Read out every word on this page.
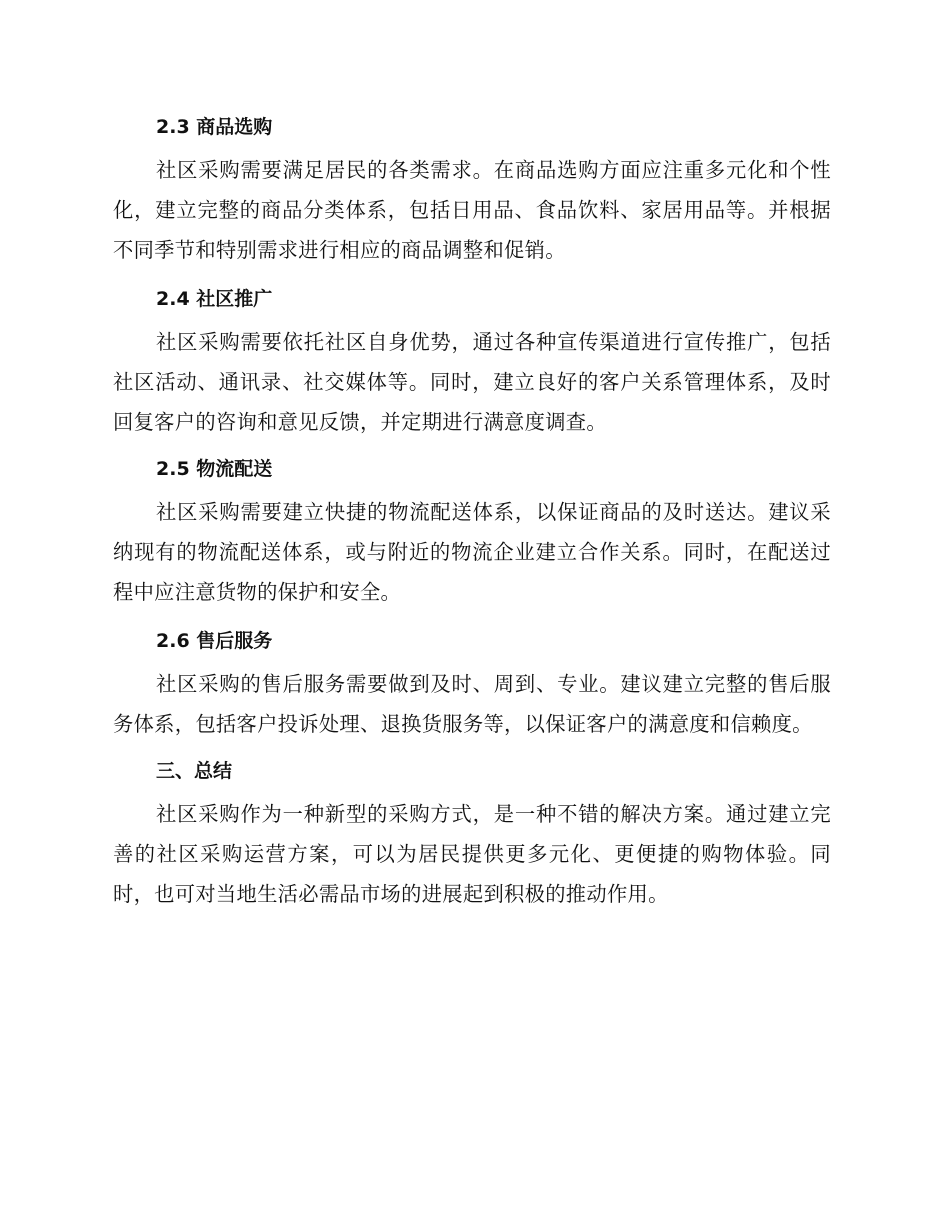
2.3 商品选购

社区采购需要满足居民的各类需求。在商品选购方面应注重多元化和个性化，建立完整的商品分类体系，包括日用品、食品饮料、家居用品等。并根据不同季节和特别需求进行相应的商品调整和促销。

2.4 社区推广

社区采购需要依托社区自身优势，通过各种宣传渠道进行宣传推广，包括社区活动、通讯录、社交媒体等。同时，建立良好的客户关系管理体系，及时回复客户的咨询和意见反馈，并定期进行满意度调查。

2.5 物流配送

社区采购需要建立快捷的物流配送体系，以保证商品的及时送达。建议采纳现有的物流配送体系，或与附近的物流企业建立合作关系。同时，在配送过程中应注意货物的保护和安全。

2.6 售后服务

社区采购的售后服务需要做到及时、周到、专业。建议建立完整的售后服务体系，包括客户投诉处理、退换货服务等，以保证客户的满意度和信赖度。

三、总结

社区采购作为一种新型的采购方式，是一种不错的解决方案。通过建立完善的社区采购运营方案，可以为居民提供更多元化、更便捷的购物体验。同时，也可对当地生活必需品市场的进展起到积极的推动作用。
